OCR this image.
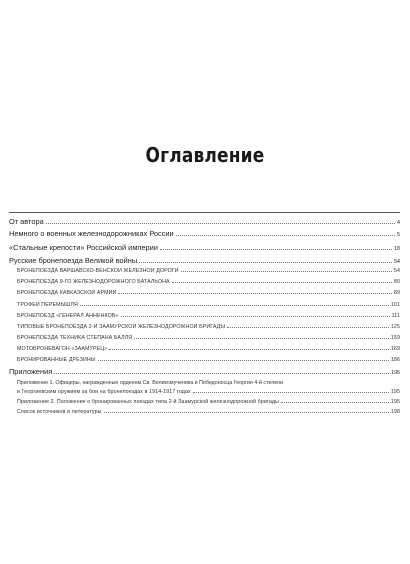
Оглавление
От автора	4
Немного о военных железнодорожниках России	5
«Стальные крепости» Российской империи	18
Русские бронепоезда Великой войны	54
БРОНЕПОЕЗДА ВАРШАВСКО-ВЕНСКОЙ ЖЕЛЕЗНОЙ ДОРОГИ	54
БРОНЕПОЕЗДА 9-ГО ЖЕЛЕЗНОДОРОЖНОГО БАТАЛЬОНА	80
БРОНЕПОЕЗДА КАВКАЗСКОЙ АРМИИ	89
ТРОФЕИ ПЕРЕМЫШЛЯ	101
БРОНЕПОЕЗД «ГЕНЕРАЛ АННЕНКОВ»	111
ТИПОВЫЕ БРОНЕПОЕЗДА 2-Й ЗААМУРСКОЙ ЖЕЛЕЗНОДОРОЖНОЙ БРИГАДЫ	125
БРОНЕПОЕЗДА ТЕХНИКА СТЕПАНА БАЛЛЯ	159
МОТОБРОНЕВАГОН «ЗААМУРЕЦ»	169
БРОНИРОВАННЫЕ ДРЕЗИНЫ	186
Приложения	195
Приложение 1. Офицеры, награжденные орденом Св. Великомученика и Победоносца Георгия 4-й степени
и Георгиевским оружием за бои на бронепоездах в 1914-1917 годах	195
Приложение 2. Положение о бронированных поездах типа 2-й Заамурской железнодорожной бригады	195
Список источников и литературы	198
